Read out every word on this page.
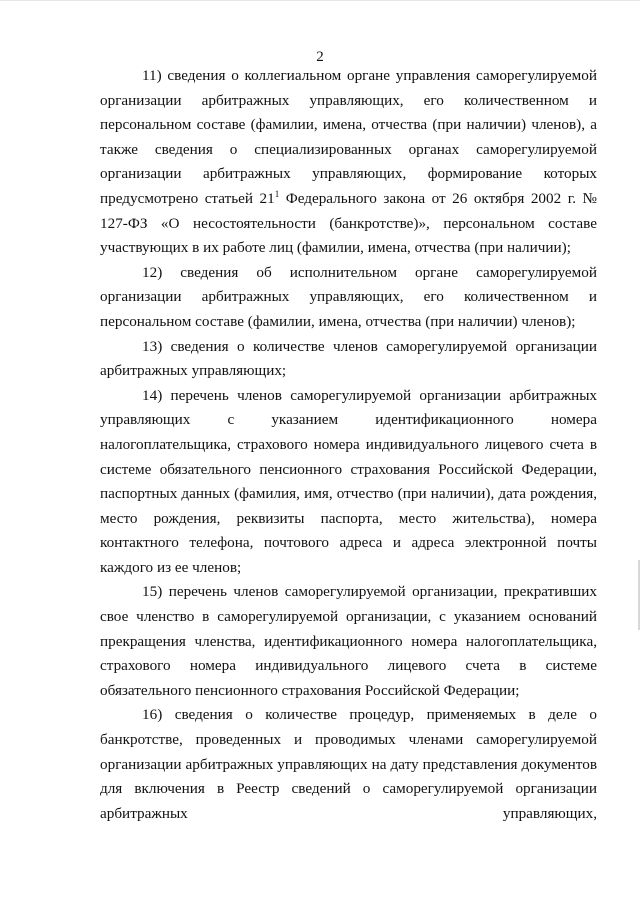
2

11) сведения о коллегиальном органе управления саморегулируемой организации арбитражных управляющих, его количественном и персональном составе (фамилии, имена, отчества (при наличии) членов), а также сведения о специализированных органах саморегулируемой организации арбитражных управляющих, формирование которых предусмотрено статьей $21^1$ Федерального закона от 26 октября 2002 г. № 127-ФЗ «О несостоятельности (банкротстве)», персональном составе участвующих в их работе лиц (фамилии, имена, отчества (при наличии);

12) сведения об исполнительном органе саморегулируемой организации арбитражных управляющих, его количественном и персональном составе (фамилии, имена, отчества (при наличии) членов);

13) сведения о количестве членов саморегулируемой организации арбитражных управляющих;

14) перечень членов саморегулируемой организации арбитражных управляющих с указанием идентификационного номера налогоплательщика, страхового номера индивидуального лицевого счета в системе обязательного пенсионного страхования Российской Федерации, паспортных данных (фамилия, имя, отчество (при наличии), дата рождения, место рождения, реквизиты паспорта, место жительства), номера контактного телефона, почтового адреса и адреса электронной почты каждого из ее членов;

15) перечень членов саморегулируемой организации, прекративших свое членство в саморегулируемой организации, с указанием оснований прекращения членства, идентификационного номера налогоплательщика, страхового номера индивидуального лицевого счета в системе обязательного пенсионного страхования Российской Федерации;

16) сведения о количестве процедур, применяемых в деле о банкротстве, проведенных и проводимых членами саморегулируемой организации арбитражных управляющих на дату представления документов для включения в Реестр сведений о саморегулируемой организации арбитражных управляющих,
